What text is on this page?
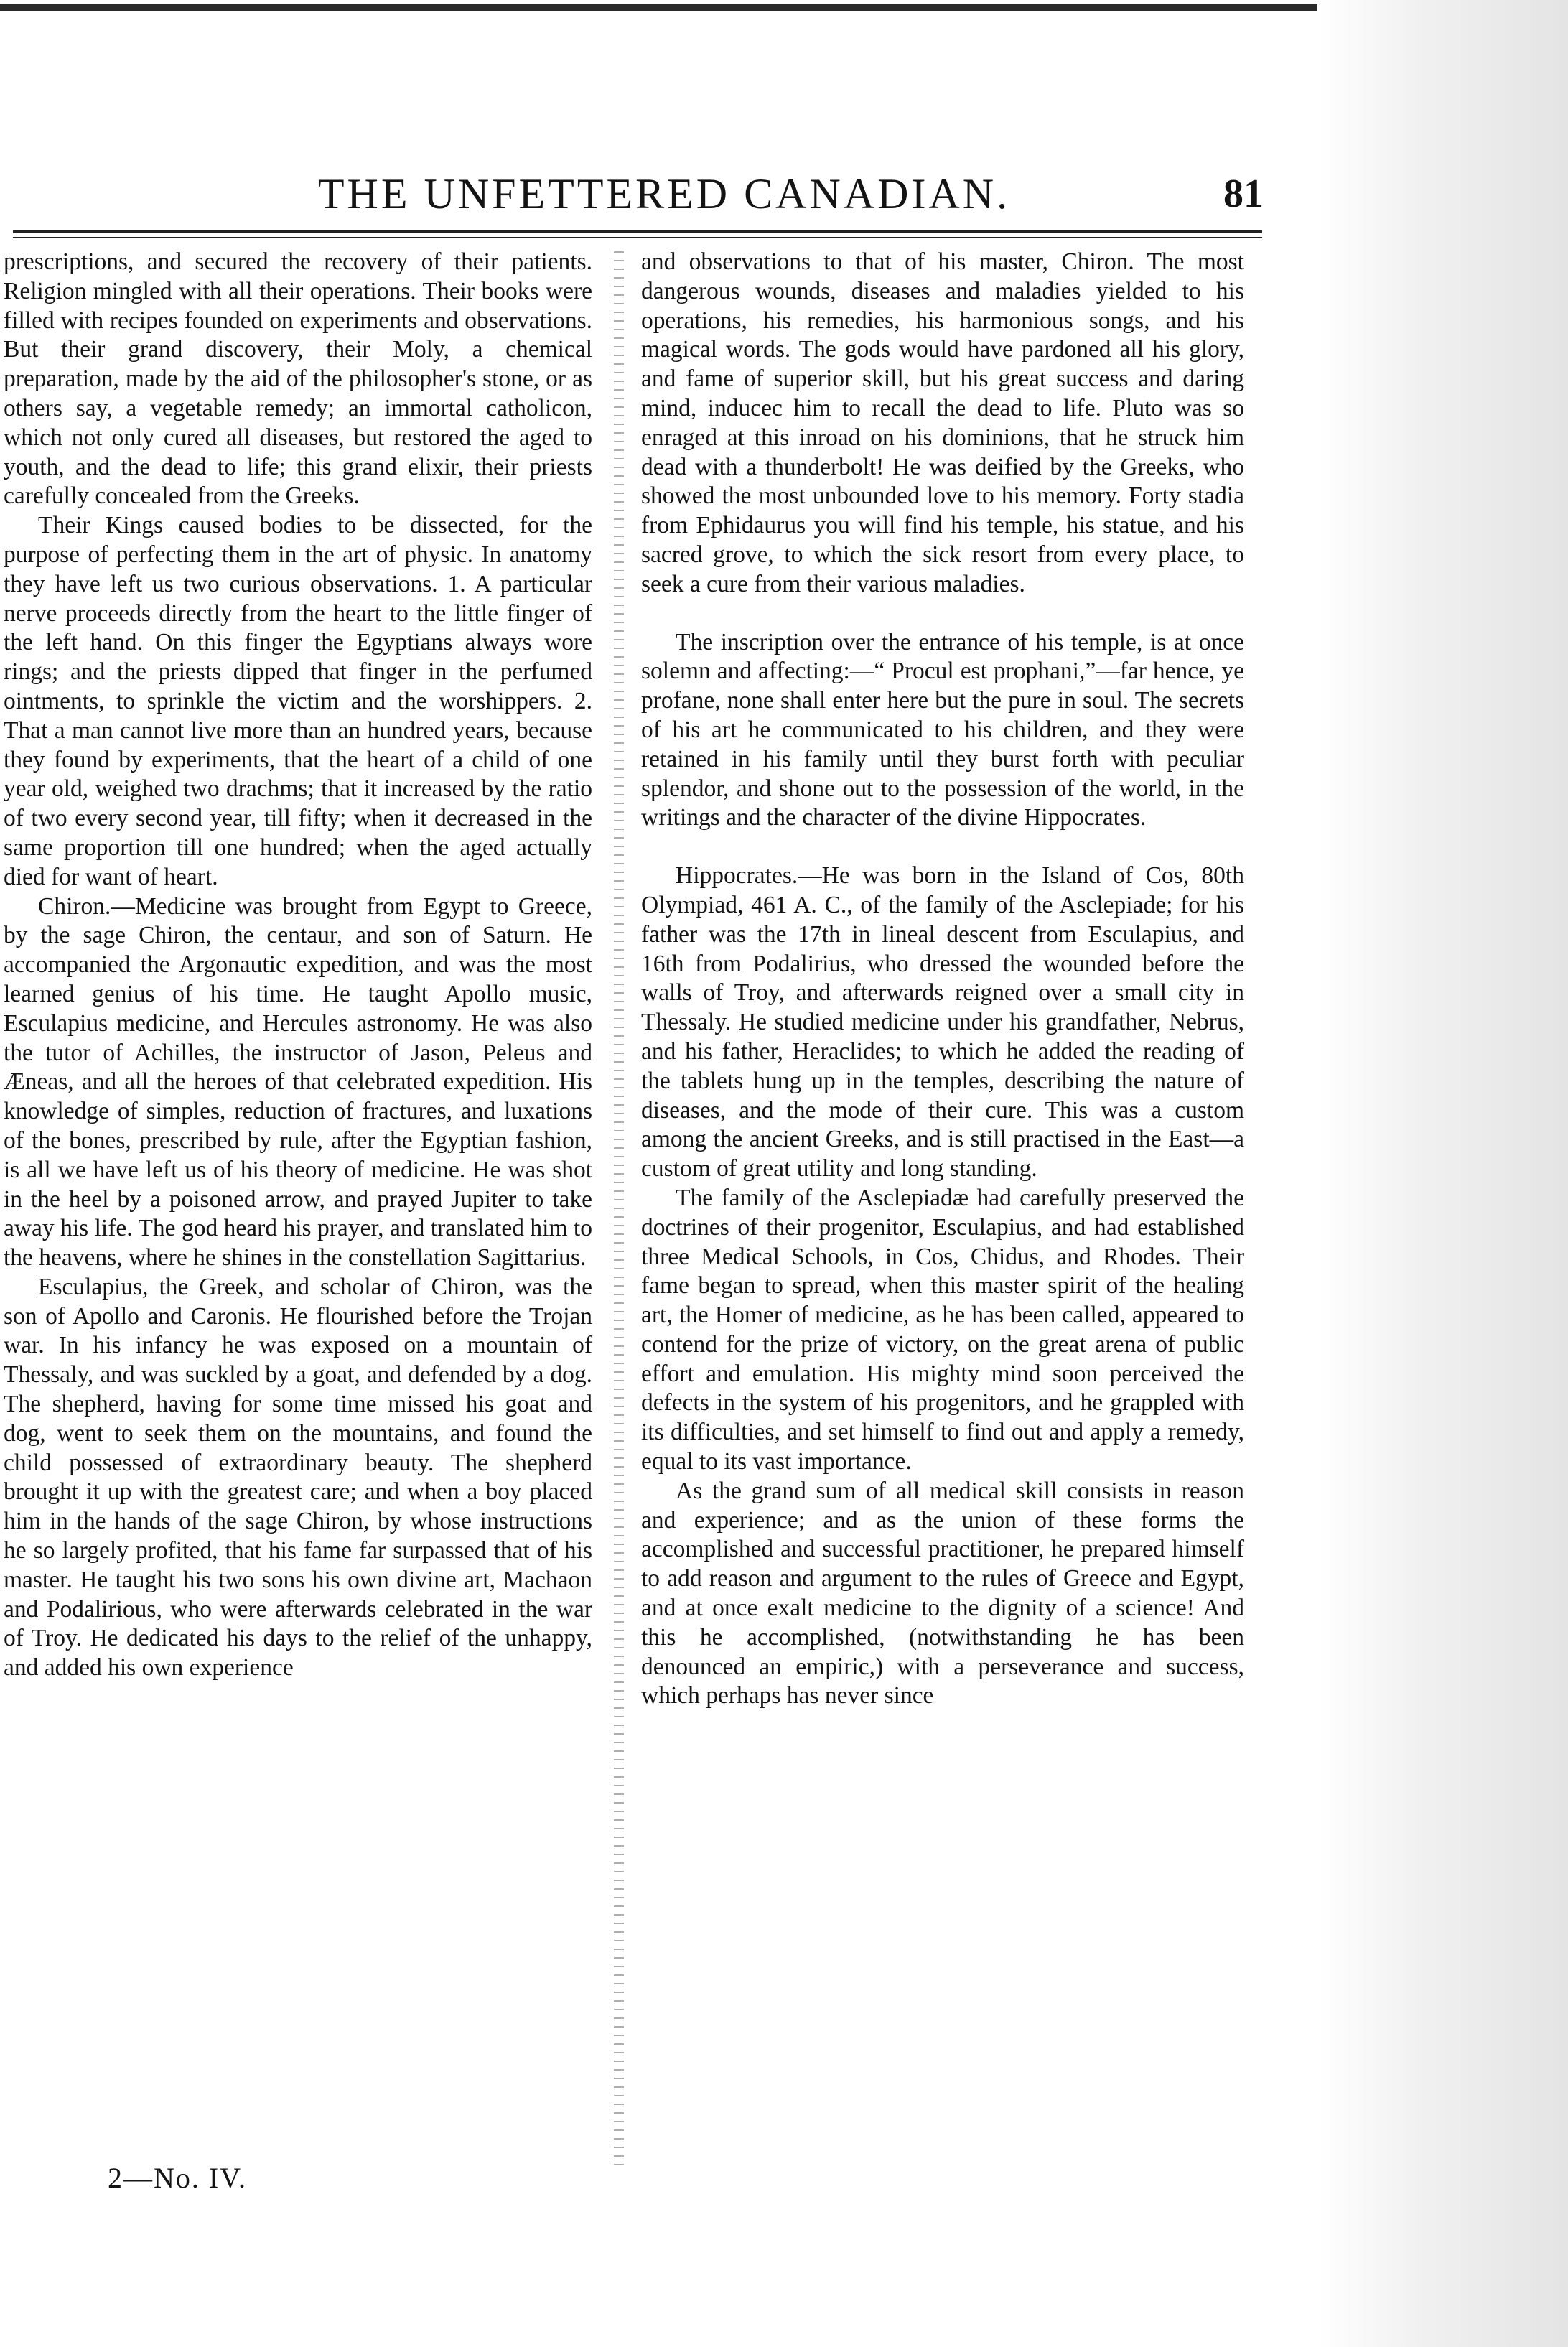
THE UNFETTERED CANADIAN.	81

prescriptions, and secured the recovery of their patients. Religion mingled with all their operations. Their books were filled with recipes founded on experiments and observations. But their grand discovery, their Moly, a chemical preparation, made by the aid of the philosopher's stone, or as others say, a vegetable remedy; an immortal catholicon, which not only cured all diseases, but restored the aged to youth, and the dead to life; this grand elixir, their priests carefully concealed from the Greeks.

Their Kings caused bodies to be dissected, for the purpose of perfecting them in the art of physic. In anatomy they have left us two curious observations. 1. A particular nerve proceeds directly from the heart to the little finger of the left hand. On this finger the Egyptians always wore rings; and the priests dipped that finger in the perfumed ointments, to sprinkle the victim and the worshippers. 2. That a man cannot live more than an hundred years, because they found by experiments, that the heart of a child of one year old, weighed two drachms; that it increased by the ratio of two every second year, till fifty; when it decreased in the same proportion till one hundred; when the aged actually died for want of heart.

Chiron.—Medicine was brought from Egypt to Greece, by the sage Chiron, the centaur, and son of Saturn. He accompanied the Argonautic expedition, and was the most learned genius of his time. He taught Apollo music, Esculapius medicine, and Hercules astronomy. He was also the tutor of Achilles, the instructor of Jason, Peleus and Æneas, and all the heroes of that celebrated expedition. His knowledge of simples, reduction of fractures, and luxations of the bones, prescribed by rule, after the Egyptian fashion, is all we have left us of his theory of medicine. He was shot in the heel by a poisoned arrow, and prayed Jupiter to take away his life. The god heard his prayer, and translated him to the heavens, where he shines in the constellation Sagittarius.

Esculapius, the Greek, and scholar of Chiron, was the son of Apollo and Caronis. He flourished before the Trojan war. In his infancy he was exposed on a mountain of Thessaly, and was suckled by a goat, and defended by a dog. The shepherd, having for some time missed his goat and dog, went to seek them on the mountains, and found the child possessed of extraordinary beauty. The shepherd brought it up with the greatest care; and when a boy placed him in the hands of the sage Chiron, by whose instructions he so largely profited, that his fame far surpassed that of his master. He taught his two sons his own divine art, Machaon and Podalirious, who were afterwards celebrated in the war of Troy. He dedicated his days to the relief of the unhappy, and added his own experience

and observations to that of his master, Chiron. The most dangerous wounds, diseases and maladies yielded to his operations, his remedies, his harmonious songs, and his magical words. The gods would have pardoned all his glory, and fame of superior skill, but his great success and daring mind, inducec him to recall the dead to life. Pluto was so enraged at this inroad on his dominions, that he struck him dead with a thunderbolt! He was deified by the Greeks, who showed the most unbounded love to his memory. Forty stadia from Ephidaurus you will find his temple, his statue, and his sacred grove, to which the sick resort from every place, to seek a cure from their various maladies.

The inscription over the entrance of his temple, is at once solemn and affecting:—“ Procul est prophani,”—far hence, ye profane, none shall enter here but the pure in soul. The secrets of his art he communicated to his children, and they were retained in his family until they burst forth with peculiar splendor, and shone out to the possession of the world, in the writings and the character of the divine Hippocrates.

Hippocrates.—He was born in the Island of Cos, 80th Olympiad, 461 A. C., of the family of the Asclepiade; for his father was the 17th in lineal descent from Esculapius, and 16th from Podalirius, who dressed the wounded before the walls of Troy, and afterwards reigned over a small city in Thessaly. He studied medicine under his grandfather, Nebrus, and his father, Heraclides; to which he added the reading of the tablets hung up in the temples, describing the nature of diseases, and the mode of their cure. This was a custom among the ancient Greeks, and is still practised in the East—a custom of great utility and long standing.

The family of the Asclepiadæ had carefully preserved the doctrines of their progenitor, Esculapius, and had established three Medical Schools, in Cos, Chidus, and Rhodes. Their fame began to spread, when this master spirit of the healing art, the Homer of medicine, as he has been called, appeared to contend for the prize of victory, on the great arena of public effort and emulation. His mighty mind soon perceived the defects in the system of his progenitors, and he grappled with its difficulties, and set himself to find out and apply a remedy, equal to its vast importance.

As the grand sum of all medical skill consists in reason and experience; and as the union of these forms the accomplished and successful practitioner, he prepared himself to add reason and argument to the rules of Greece and Egypt, and at once exalt medicine to the dignity of a science! And this he accomplished, (notwithstanding he has been denounced an empiric,) with a perseverance and success, which perhaps has never since

2—No. IV.
